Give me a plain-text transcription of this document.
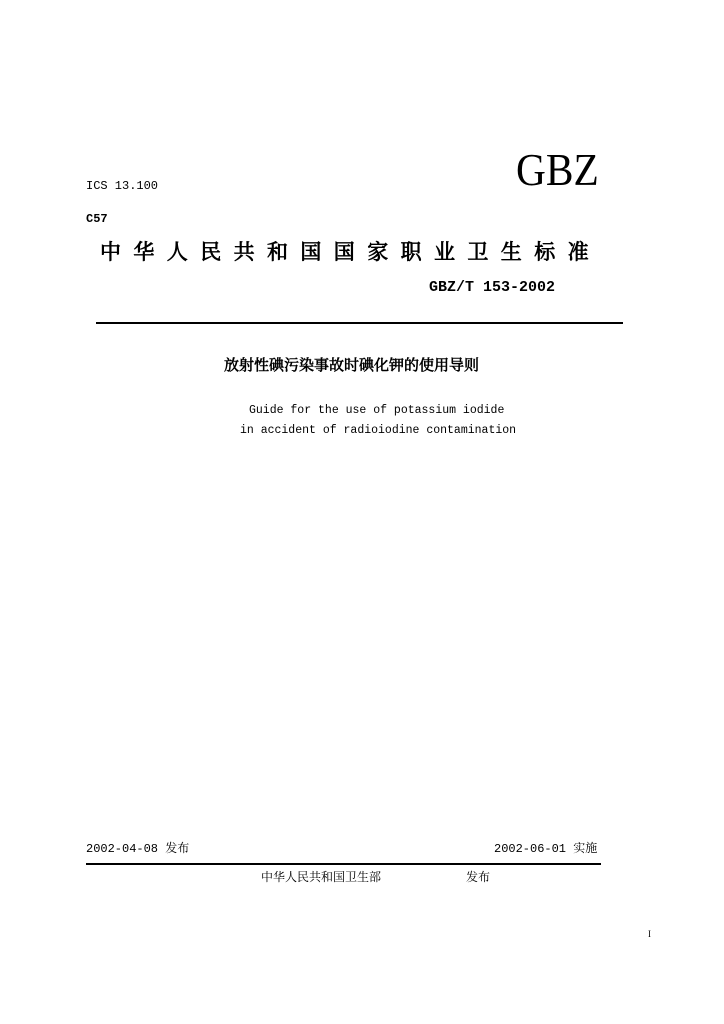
ICS 13.100	GBZ
C57
中华人民共和国国家职业卫生标准
GBZ/T 153-2002
放射性碘污染事故时碘化钾的使用导则
Guide for the use of potassium iodide
in accident of radioiodine contamination
2002-04-08 发布	2002-06-01 实施
中华人民共和国卫生部	发布
I
